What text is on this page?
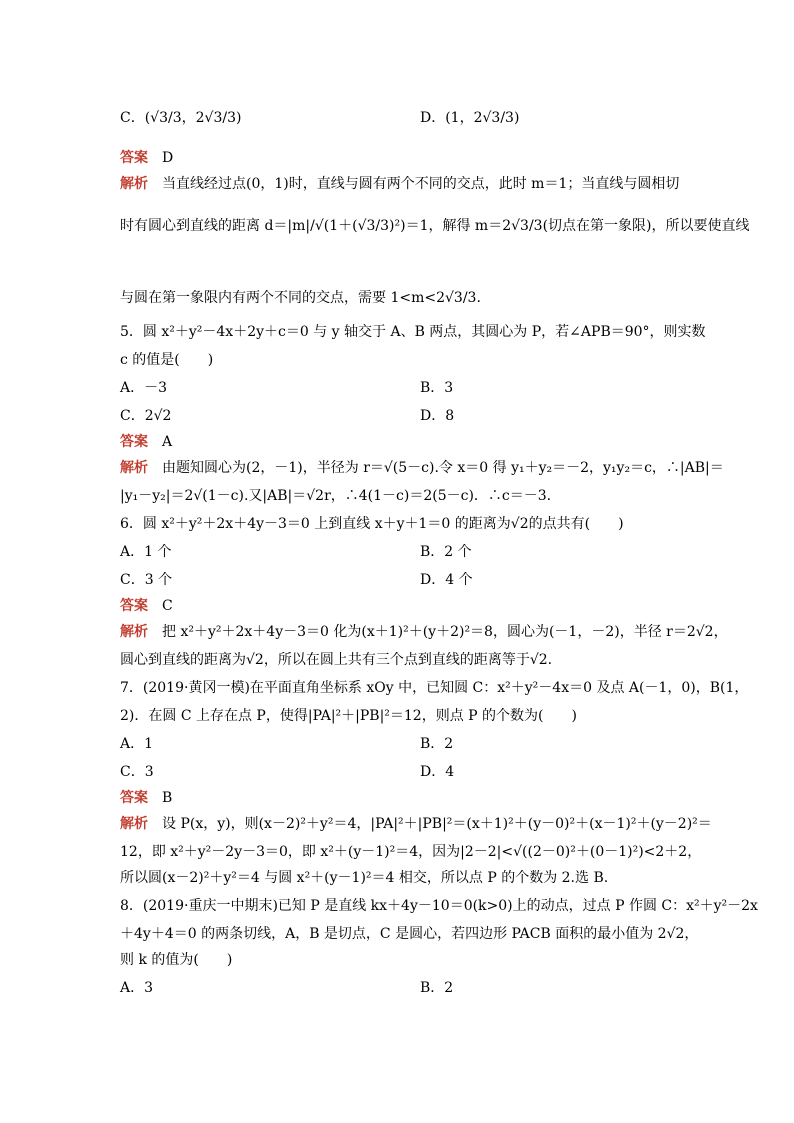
C．(√3/3，2√3/3)	D．(1，2√3/3)
答案 D
解析 当直线经过点(0，1)时，直线与圆有两个不同的交点，此时 m＝1；当直线与圆相切
时有圆心到直线的距离 d＝|m|/√(1＋(√3/3)²)＝1，解得 m＝2√3/3(切点在第一象限)，所以要使直线
与圆在第一象限内有两个不同的交点，需要 1<m<2√3/3.
5．圆 x²＋y²－4x＋2y＋c＝0 与 y 轴交于 A、B 两点，其圆心为 P，若∠APB＝90°，则实数
c 的值是(　　)
A．－3	B．3
C．2√2	D．8
答案 A
解析 由题知圆心为(2，－1)，半径为 r＝√(5－c).令 x＝0 得 y₁＋y₂＝－2，y₁y₂＝c，∴|AB|＝
|y₁－y₂|＝2√(1－c).又|AB|＝√2r，∴4(1－c)＝2(5－c)．∴c＝－3.
6．圆 x²＋y²＋2x＋4y－3＝0 上到直线 x＋y＋1＝0 的距离为√2的点共有(　　)
A．1 个	B．2 个
C．3 个	D．4 个
答案 C
解析 把 x²＋y²＋2x＋4y－3＝0 化为(x＋1)²＋(y＋2)²＝8，圆心为(－1，－2)，半径 r＝2√2，
圆心到直线的距离为√2，所以在圆上共有三个点到直线的距离等于√2.
7．(2019·黄冈一模)在平面直角坐标系 xOy 中，已知圆 C：x²＋y²－4x＝0 及点 A(－1，0)，B(1，
2)．在圆 C 上存在点 P，使得|PA|²＋|PB|²＝12，则点 P 的个数为(　　)
A．1	B．2
C．3	D．4
答案 B
解析 设 P(x，y)，则(x－2)²＋y²＝4，|PA|²＋|PB|²＝(x＋1)²＋(y－0)²＋(x－1)²＋(y－2)²＝
12，即 x²＋y²－2y－3＝0，即 x²＋(y－1)²＝4，因为|2－2|<√((2－0)²＋(0－1)²)<2＋2，
所以圆(x－2)²＋y²＝4 与圆 x²＋(y－1)²＝4 相交，所以点 P 的个数为 2.选 B.
8．(2019·重庆一中期末)已知 P 是直线 kx＋4y－10＝0(k>0)上的动点，过点 P 作圆 C：x²＋y²－2x
＋4y＋4＝0 的两条切线，A，B 是切点，C 是圆心，若四边形 PACB 面积的最小值为 2√2，
则 k 的值为(　　)
A．3	B．2
